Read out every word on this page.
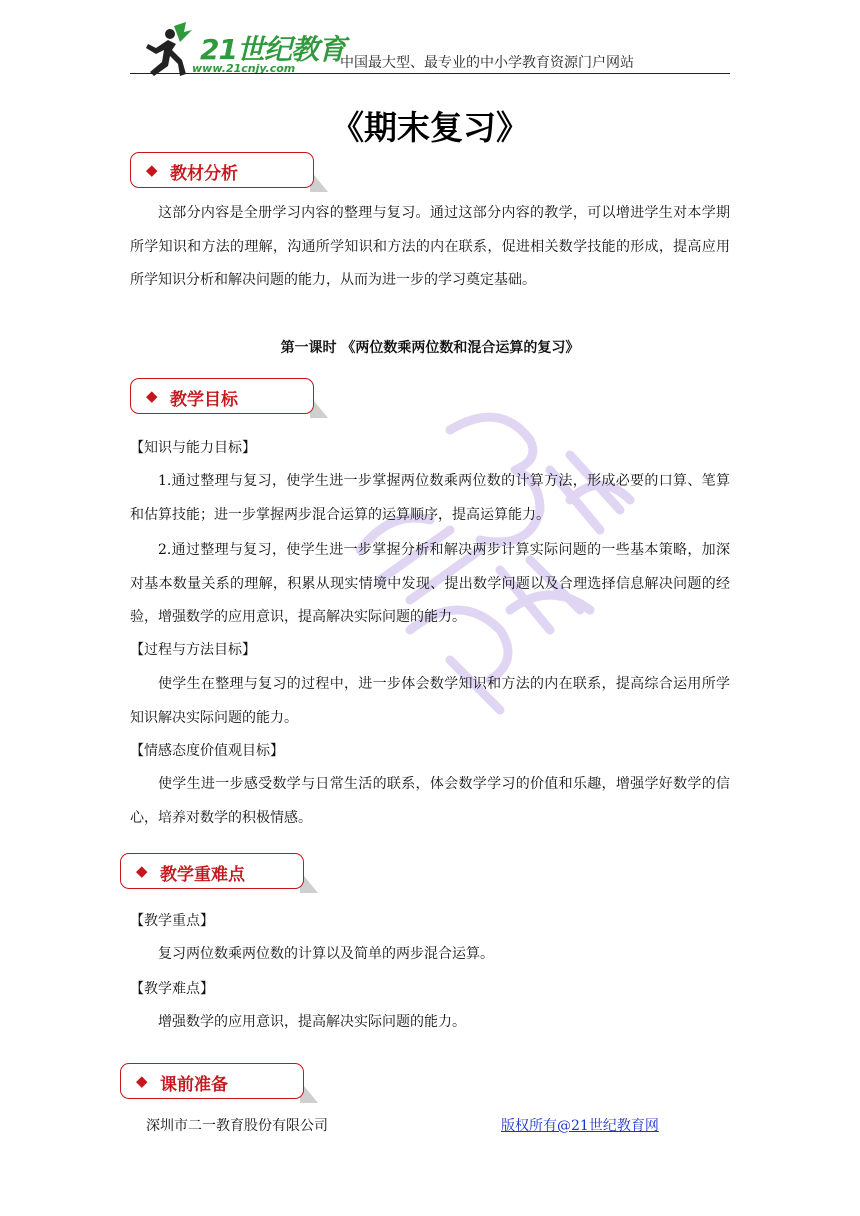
21世纪教育
www.21cnjy.com	中国最大型、最专业的中小学教育资源门户网站
《期末复习》
◆ 教材分析
这部分内容是全册学习内容的整理与复习。通过这部分内容的教学，可以增进学生对本学期所学知识和方法的理解，沟通所学知识和方法的内在联系，促进相关数学技能的形成，提高应用所学知识分析和解决问题的能力，从而为进一步的学习奠定基础。
第一课时 《两位数乘两位数和混合运算的复习》
◆ 教学目标
【知识与能力目标】
1.通过整理与复习，使学生进一步掌握两位数乘两位数的计算方法，形成必要的口算、笔算和估算技能；进一步掌握两步混合运算的运算顺序，提高运算能力。
2.通过整理与复习，使学生进一步掌握分析和解决两步计算实际问题的一些基本策略，加深对基本数量关系的理解，积累从现实情境中发现、提出数学问题以及合理选择信息解决问题的经验，增强数学的应用意识，提高解决实际问题的能力。
【过程与方法目标】
使学生在整理与复习的过程中，进一步体会数学知识和方法的内在联系，提高综合运用所学知识解决实际问题的能力。
【情感态度价值观目标】
使学生进一步感受数学与日常生活的联系，体会数学学习的价值和乐趣，增强学好数学的信心，培养对数学的积极情感。
◆ 教学重难点
【教学重点】
复习两位数乘两位数的计算以及简单的两步混合运算。
【教学难点】
增强数学的应用意识，提高解决实际问题的能力。
◆ 课前准备
深圳市二一教育股份有限公司	版权所有@21世纪教育网
